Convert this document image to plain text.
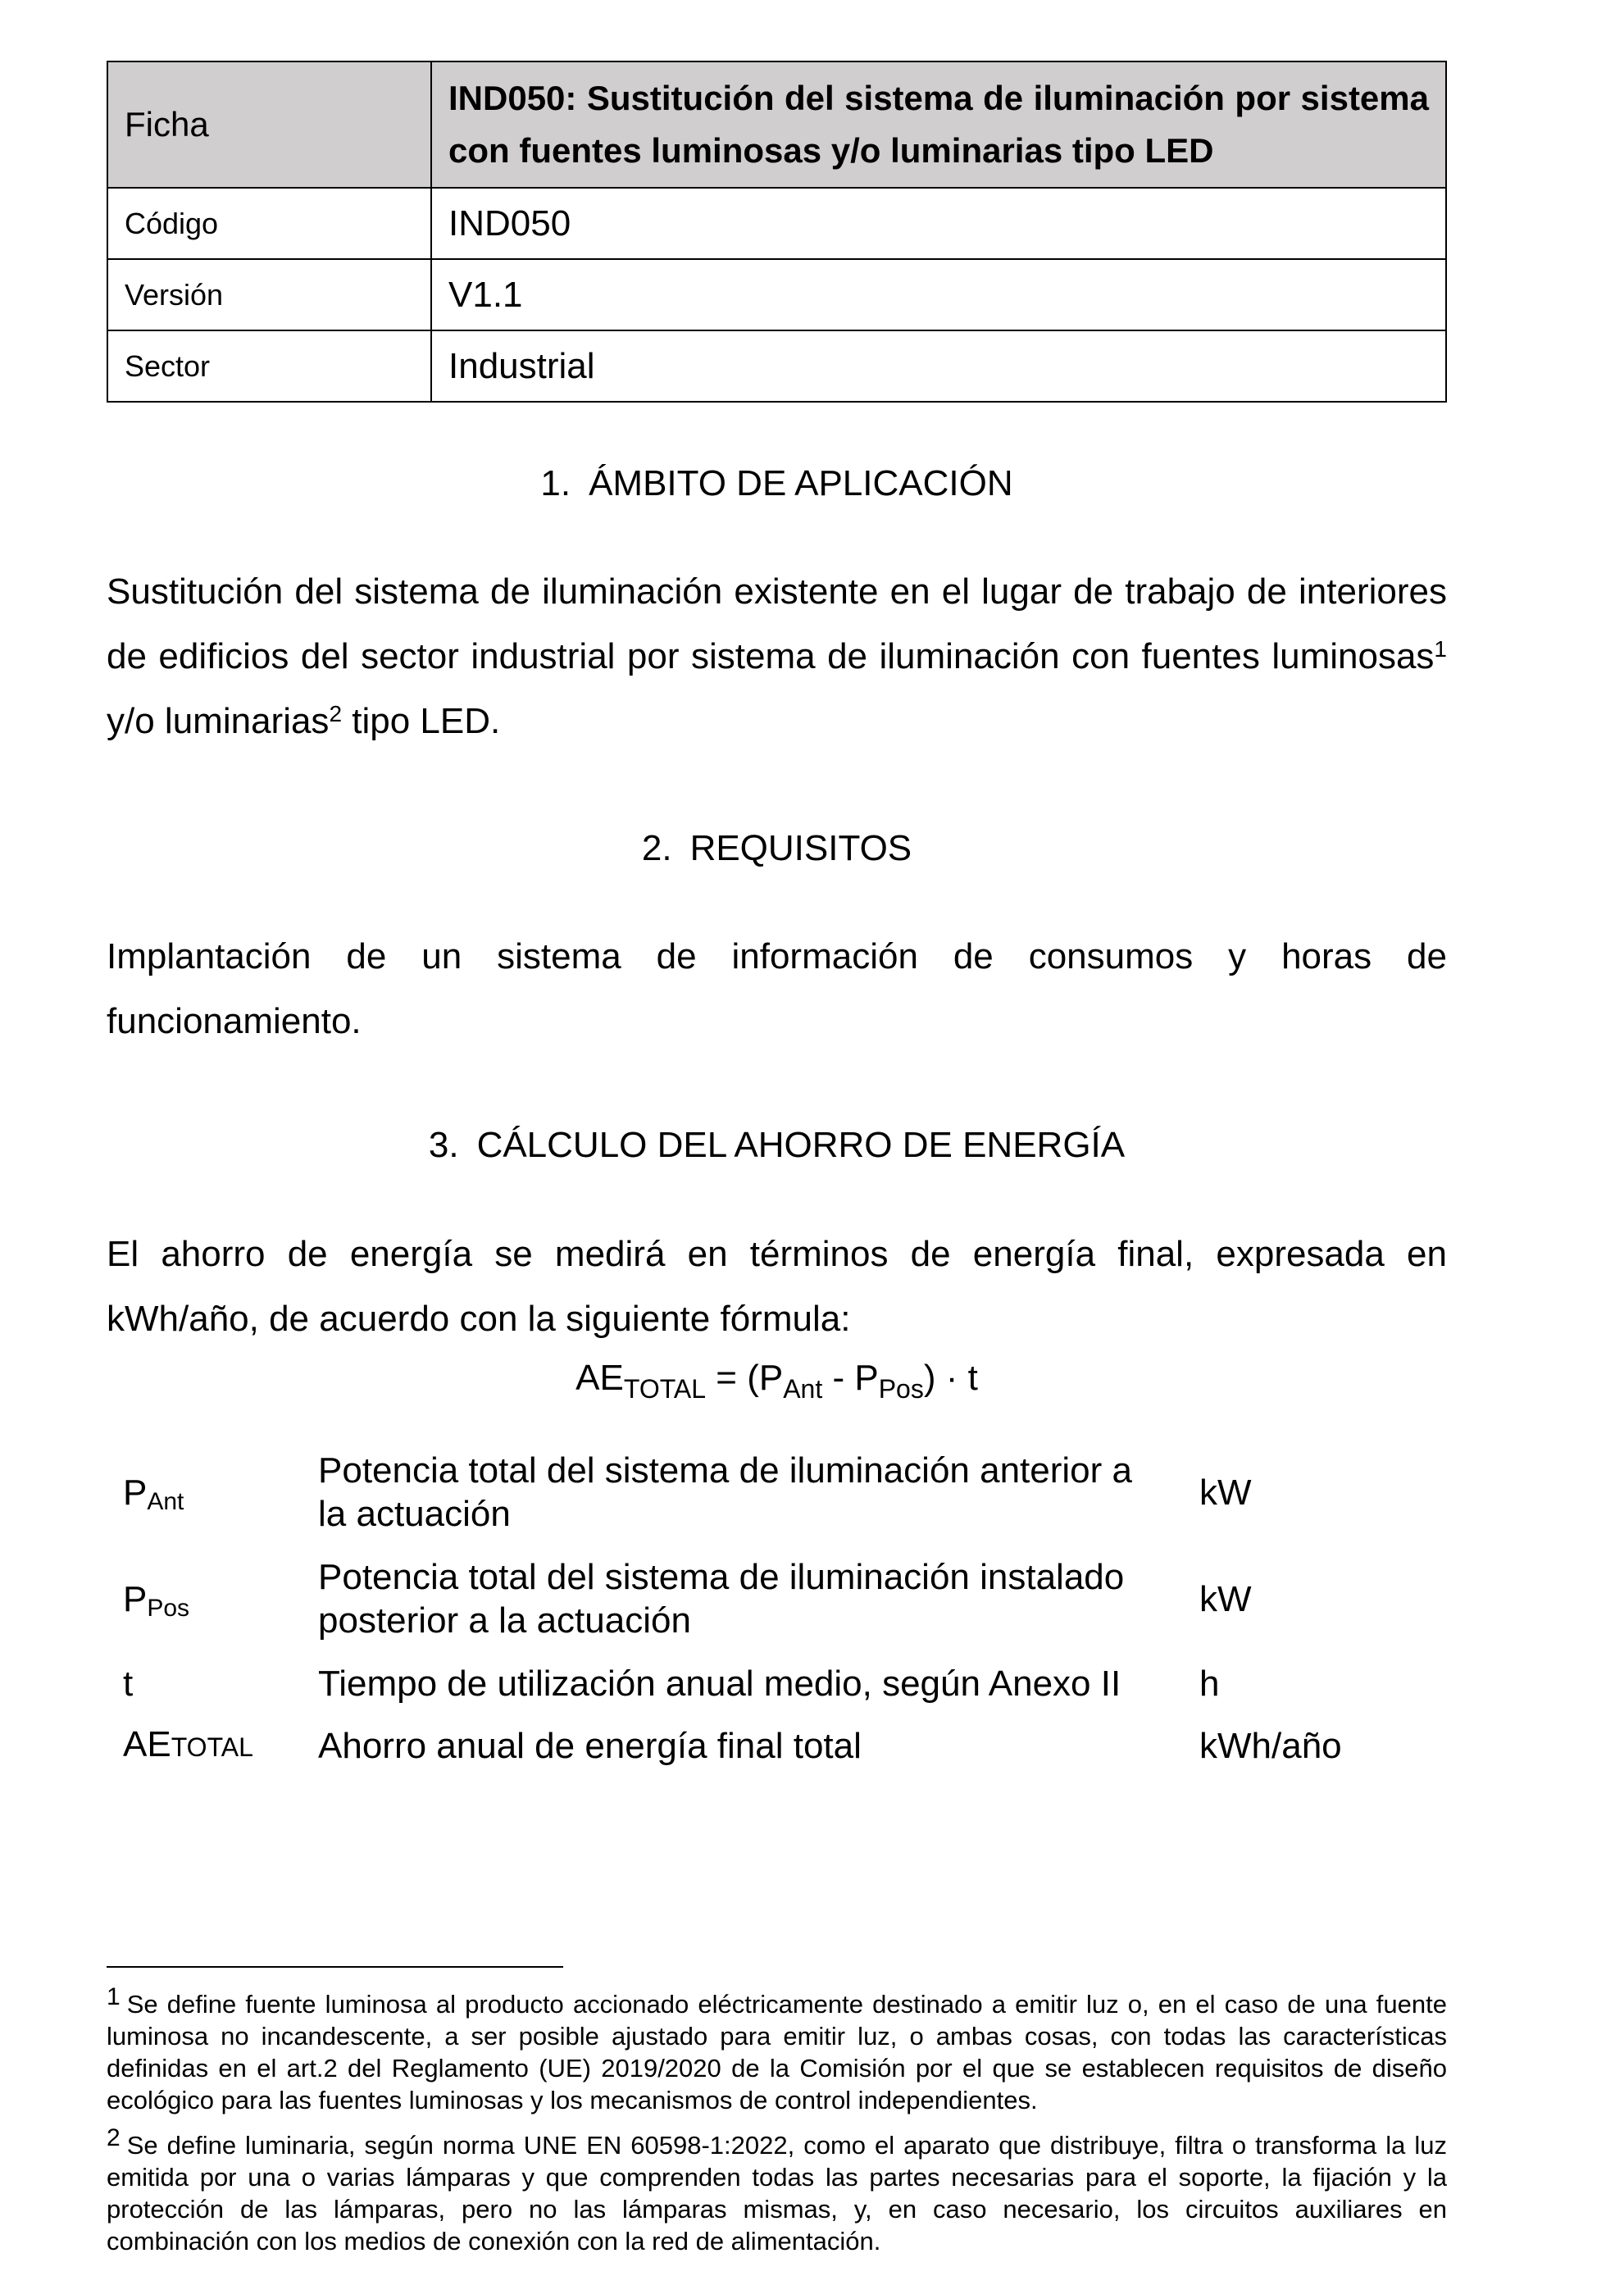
Ficha	IND050: Sustitución del sistema de iluminación por sistema con fuentes luminosas y/o luminarias tipo LED
Código	IND050
Versión	V1.1
Sector	Industrial
1. ÁMBITO DE APLICACIÓN
Sustitución del sistema de iluminación existente en el lugar de trabajo de interiores de edificios del sector industrial por sistema de iluminación con fuentes luminosas$^1$ y/o luminarias$^2$ tipo LED.
2. REQUISITOS
Implantación de un sistema de información de consumos y horas de
funcionamiento.
3. CÁLCULO DEL AHORRO DE ENERGÍA
El ahorro de energía se medirá en términos de energía final, expresada en kWh/año, de acuerdo con la siguiente fórmula:
$AE_{TOTAL} = (P_{Ant} - P_{Pos}) \cdot t$
$P_{Ant}$	Potencia total del sistema de iluminación anterior a la actuación	kW
$P_{Pos}$	Potencia total del sistema de iluminación instalado posterior a la actuación	kW
t	Tiempo de utilización anual medio, según Anexo II	h
AETOTAL	Ahorro anual de energía final total	kWh/año
$^1$ Se define fuente luminosa al producto accionado eléctricamente destinado a emitir luz o, en el caso de una fuente luminosa no incandescente, a ser posible ajustado para emitir luz, o ambas cosas, con todas las características definidas en el art.2 del Reglamento (UE) 2019/2020 de la Comisión por el que se establecen requisitos de diseño ecológico para las fuentes luminosas y los mecanismos de control independientes.
$^2$ Se define luminaria, según norma UNE EN 60598-1:2022, como el aparato que distribuye, filtra o transforma la luz emitida por una o varias lámparas y que comprenden todas las partes necesarias para el soporte, la fijación y la protección de las lámparas, pero no las lámparas mismas, y, en caso necesario, los circuitos auxiliares en combinación con los medios de conexión con la red de alimentación.
